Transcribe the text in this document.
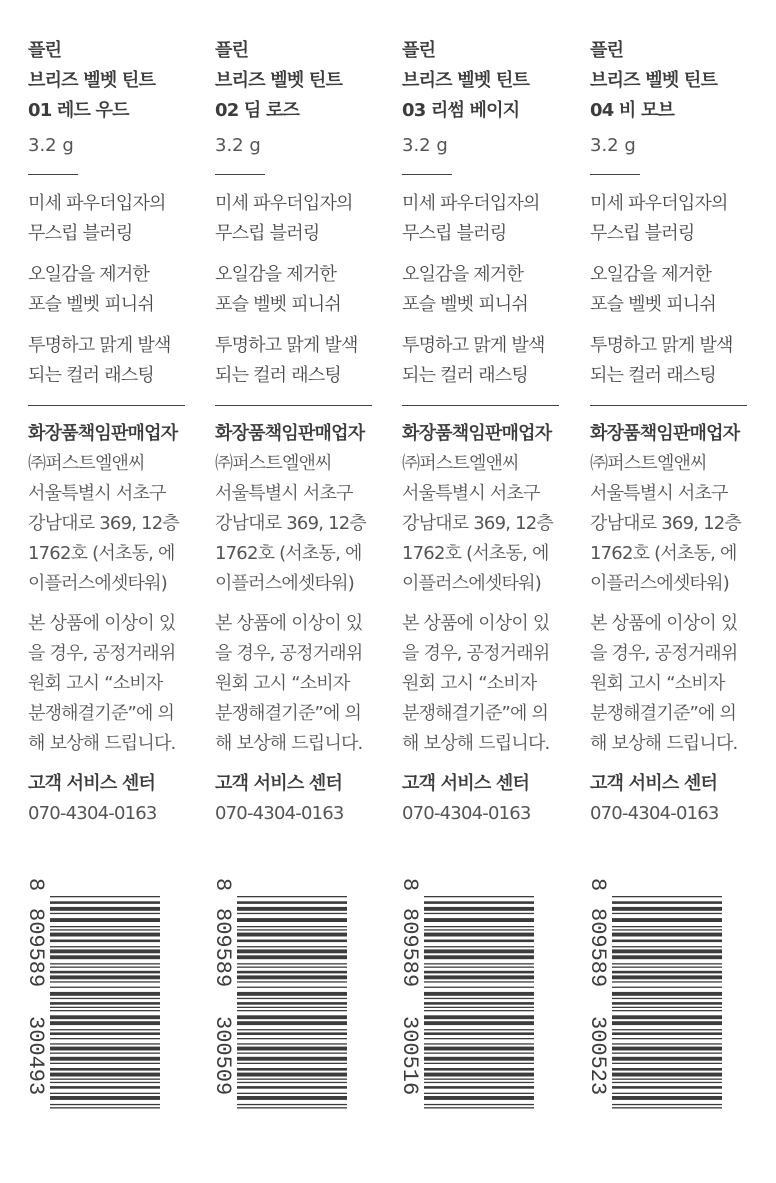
플린
브리즈 벨벳 틴트
01 레드 우드
3.2 g
미세 파우더입자의
무스립 블러링
오일감을 제거한
포슬 벨벳 피니쉬
투명하고 맑게 발색
되는 컬러 래스팅
화장품책임판매업자
㈜퍼스트엘앤씨
서울특별시 서초구
강남대로 369, 12층
1762호 (서초동, 에
이플러스에셋타워)
본 상품에 이상이 있
을 경우, 공정거래위
원회 고시 “소비자
분쟁해결기준”에 의
해 보상해 드립니다.
고객 서비스 센터
070-4304-0163
플린
브리즈 벨벳 틴트
02 딤 로즈
3.2 g
미세 파우더입자의
무스립 블러링
오일감을 제거한
포슬 벨벳 피니쉬
투명하고 맑게 발색
되는 컬러 래스팅
화장품책임판매업자
㈜퍼스트엘앤씨
서울특별시 서초구
강남대로 369, 12층
1762호 (서초동, 에
이플러스에셋타워)
본 상품에 이상이 있
을 경우, 공정거래위
원회 고시 “소비자
분쟁해결기준”에 의
해 보상해 드립니다.
고객 서비스 센터
070-4304-0163
플린
브리즈 벨벳 틴트
03 리썸 베이지
3.2 g
미세 파우더입자의
무스립 블러링
오일감을 제거한
포슬 벨벳 피니쉬
투명하고 맑게 발색
되는 컬러 래스팅
화장품책임판매업자
㈜퍼스트엘앤씨
서울특별시 서초구
강남대로 369, 12층
1762호 (서초동, 에
이플러스에셋타워)
본 상품에 이상이 있
을 경우, 공정거래위
원회 고시 “소비자
분쟁해결기준”에 의
해 보상해 드립니다.
고객 서비스 센터
070-4304-0163
플린
브리즈 벨벳 틴트
04 비 모브
3.2 g
미세 파우더입자의
무스립 블러링
오일감을 제거한
포슬 벨벳 피니쉬
투명하고 맑게 발색
되는 컬러 래스팅
화장품책임판매업자
㈜퍼스트엘앤씨
서울특별시 서초구
강남대로 369, 12층
1762호 (서초동, 에
이플러스에셋타워)
본 상품에 이상이 있
을 경우, 공정거래위
원회 고시 “소비자
분쟁해결기준”에 의
해 보상해 드립니다.
고객 서비스 센터
070-4304-0163
8
809589
300493
8
809589
300509
8
809589
300516
8
809589
300523
